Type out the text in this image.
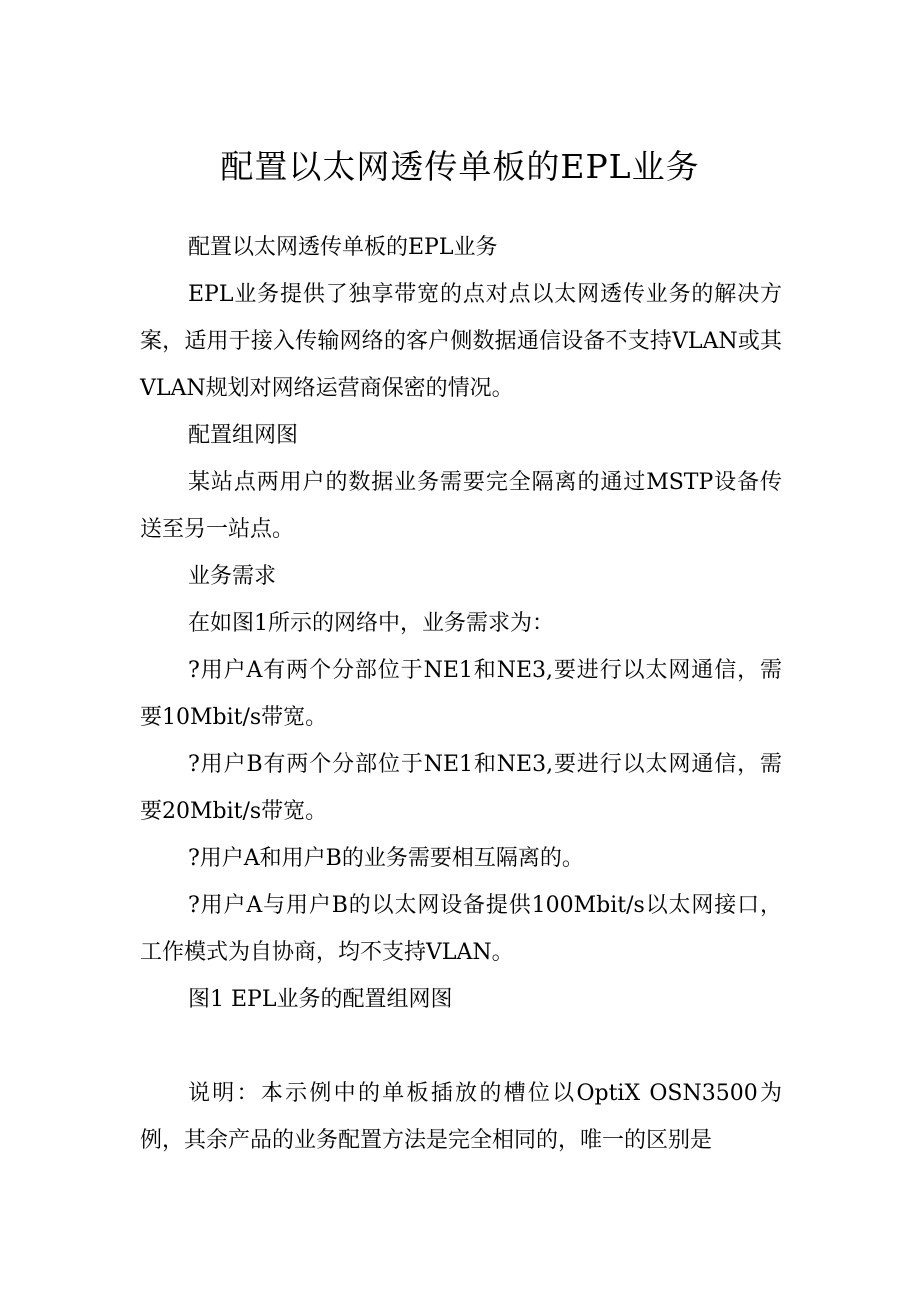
配置以太网透传单板的EPL业务

配置以太网透传单板的EPL业务

EPL业务提供了独享带宽的点对点以太网透传业务的解决方案，适用于接入传输网络的客户侧数据通信设备不支持VLAN或其VLAN规划对网络运营商保密的情况。

配置组网图

某站点两用户的数据业务需要完全隔离的通过MSTP设备传送至另一站点。

业务需求

在如图1所示的网络中，业务需求为：

?用户A有两个分部位于NE1和NE3,要进行以太网通信，需要10Mbit/s带宽。

?用户B有两个分部位于NE1和NE3,要进行以太网通信，需要20Mbit/s带宽。

?用户A和用户B的业务需要相互隔离的。

?用户A与用户B的以太网设备提供100Mbit/s以太网接口，工作模式为自协商，均不支持VLAN。

图1 EPL业务的配置组网图

说明：本示例中的单板插放的槽位以OptiX OSN3500为例，其余产品的业务配置方法是完全相同的，唯一的区别是
